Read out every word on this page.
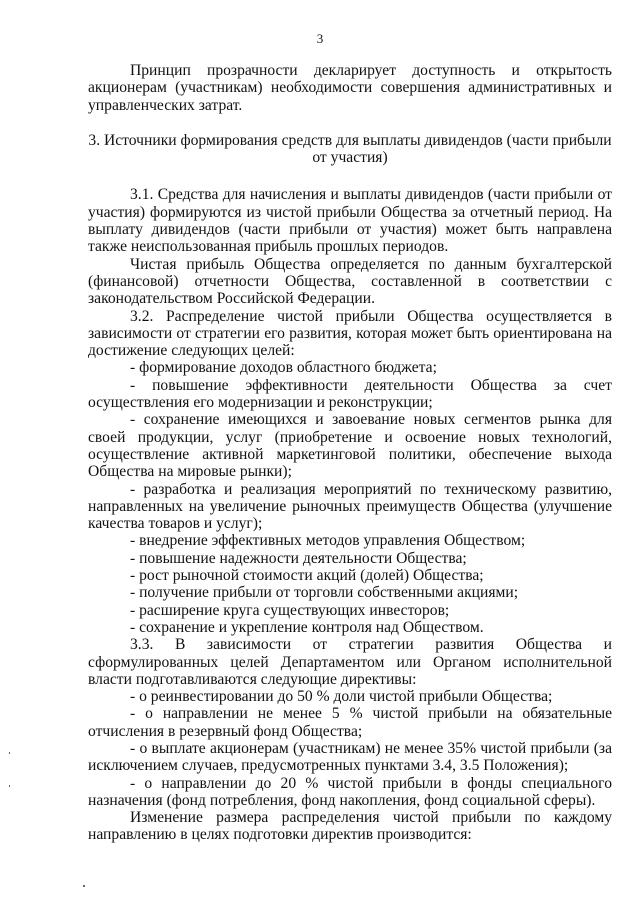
3

Принцип прозрачности декларирует доступность и открытость акционерам (участникам) необходимости совершения административных и управленческих затрат.

3. Источники формирования средств для выплаты дивидендов (части прибыли от участия)

3.1. Средства для начисления и выплаты дивидендов (части прибыли от участия) формируются из чистой прибыли Общества за отчетный период. На выплату дивидендов (части прибыли от участия) может быть направлена также неиспользованная прибыль прошлых периодов.

Чистая прибыль Общества определяется по данным бухгалтерской (финансовой) отчетности Общества, составленной в соответствии с законодательством Российской Федерации.

3.2. Распределение чистой прибыли Общества осуществляется в зависимости от стратегии его развития, которая может быть ориентирована на достижение следующих целей:

- формирование доходов областного бюджета;

- повышение эффективности деятельности Общества за счет осуществления его модернизации и реконструкции;

- сохранение имеющихся и завоевание новых сегментов рынка для своей продукции, услуг (приобретение и освоение новых технологий, осуществление активной маркетинговой политики, обеспечение выхода Общества на мировые рынки);

- разработка и реализация мероприятий по техническому развитию, направленных на увеличение рыночных преимуществ Общества (улучшение качества товаров и услуг);

- внедрение эффективных методов управления Обществом;

- повышение надежности деятельности Общества;

- рост рыночной стоимости акций (долей) Общества;

- получение прибыли от торговли собственными акциями;

- расширение круга существующих инвесторов;

- сохранение и укрепление контроля над Обществом.

3.3. В зависимости от стратегии развития Общества и сформулированных целей Департаментом или Органом исполнительной власти подготавливаются следующие директивы:

- о реинвестировании до 50 % доли чистой прибыли Общества;

- о направлении не менее 5 % чистой прибыли на обязательные отчисления в резервный фонд Общества;

- о выплате акционерам (участникам) не менее 35% чистой прибыли (за исключением случаев, предусмотренных пунктами 3.4, 3.5 Положения);

- о направлении до 20 % чистой прибыли в фонды специального назначения (фонд потребления, фонд накопления, фонд социальной сферы).

Изменение размера распределения чистой прибыли по каждому направлению в целях подготовки директив производится:
